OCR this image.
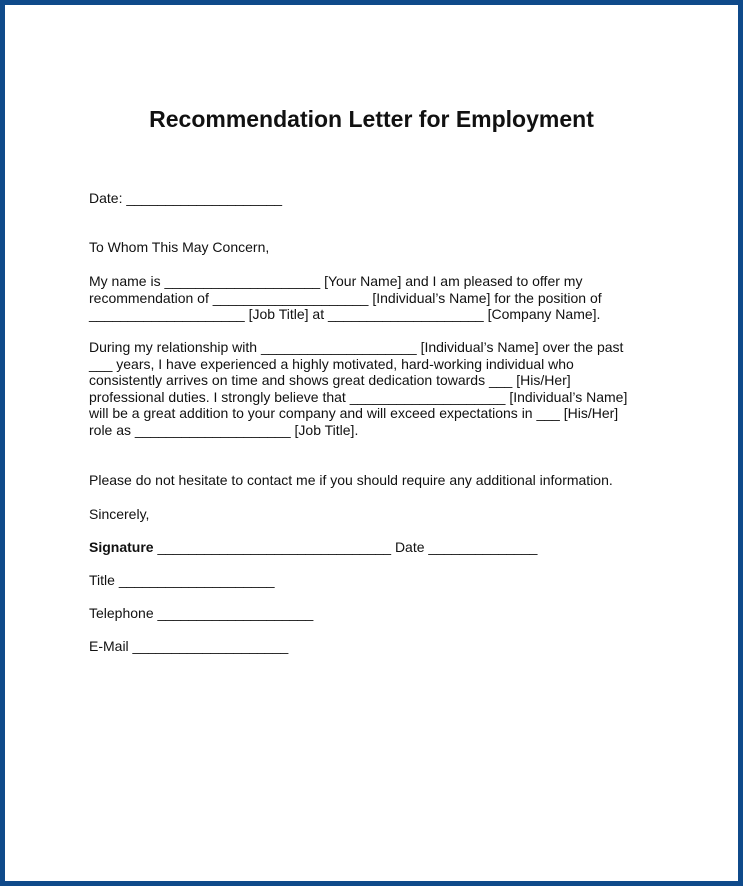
Recommendation Letter for Employment
Date: ____________________
To Whom This May Concern,
My name is ____________________ [Your Name] and I am pleased to offer my
recommendation of ____________________ [Individual’s Name] for the position of
____________________ [Job Title] at ____________________ [Company Name].
During my relationship with ____________________ [Individual’s Name] over the past
___ years, I have experienced a highly motivated, hard-working individual who
consistently arrives on time and shows great dedication towards ___ [His/Her]
professional duties. I strongly believe that ____________________ [Individual’s Name]
will be a great addition to your company and will exceed expectations in ___ [His/Her]
role as ____________________ [Job Title].
Please do not hesitate to contact me if you should require any additional information.
Sincerely,
Signature ______________________________ Date ______________
Title ____________________
Telephone ____________________
E-Mail ____________________
